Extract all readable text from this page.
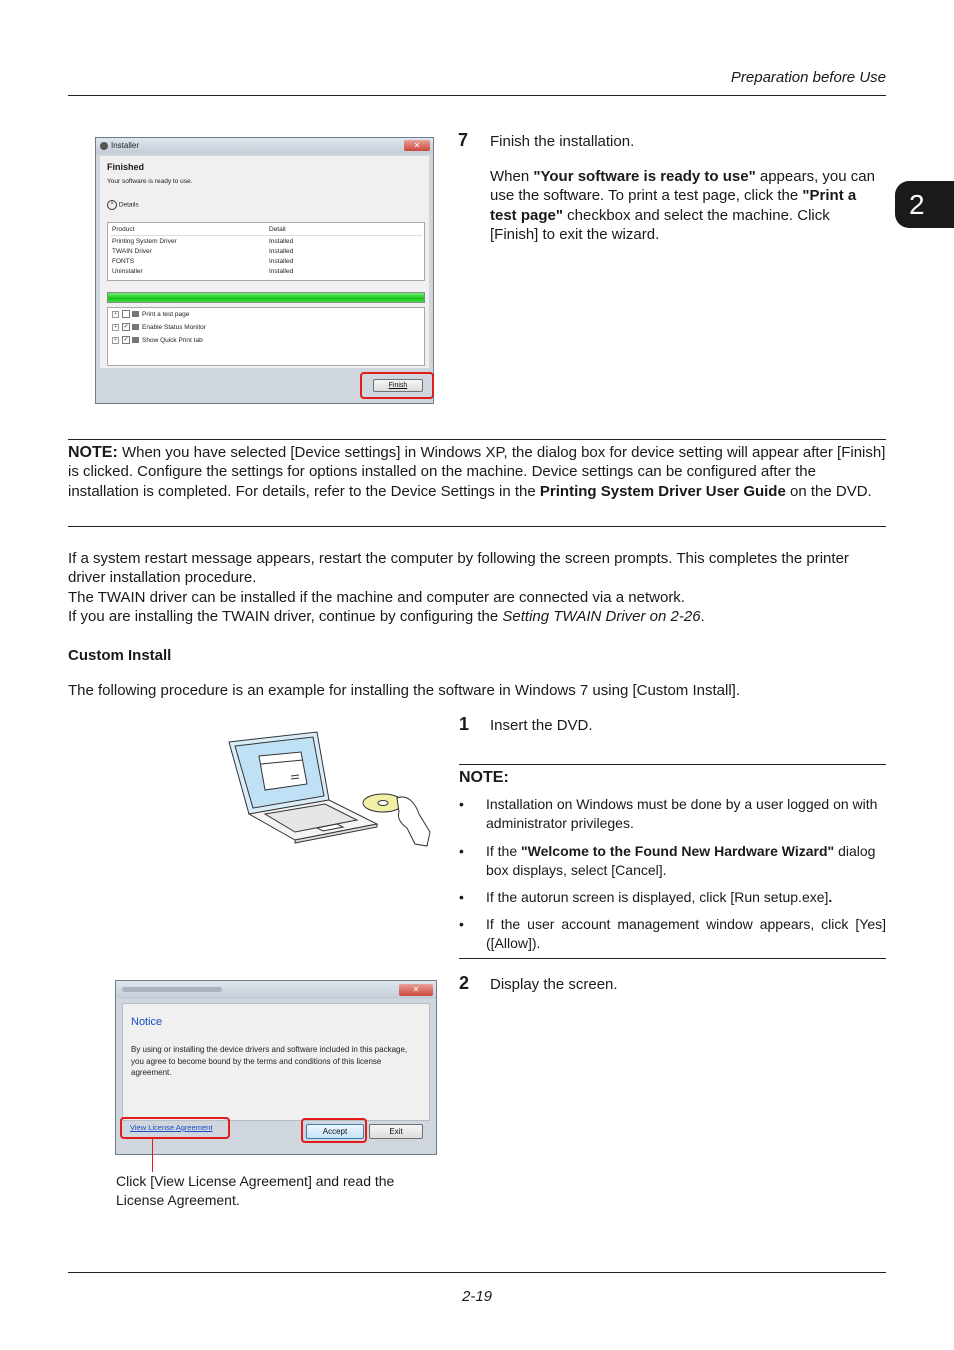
Preparation before Use
2
Installer	✕
Finished
Your software is ready to use.
^ Details
Product	Detail
Printing System Driver	Installed
TWAIN Driver	Installed
FONTS	Installed
Uninstaller	Installed
+	Print a test page
+ ✓ Enable Status Monitor
+ ✓ Show Quick Print tab
Finish
7 Finish the installation.
When "Your software is ready to use" appears, you can use the software. To print a test page, click the "Print a test page" checkbox and select the machine. Click [Finish] to exit the wizard.
NOTE: When you have selected [Device settings] in Windows XP, the dialog box for device setting will appear after [Finish] is clicked. Configure the settings for options installed on the machine. Device settings can be configured after the installation is completed. For details, refer to the Device Settings in the Printing System Driver User Guide on the DVD.
If a system restart message appears, restart the computer by following the screen prompts. This completes the printer driver installation procedure.
The TWAIN driver can be installed if the machine and computer are connected via a network.
If you are installing the TWAIN driver, continue by configuring the Setting TWAIN Driver on 2-26.
Custom Install
The following procedure is an example for installing the software in Windows 7 using [Custom Install].
1 Insert the DVD.
NOTE:
• Installation on Windows must be done by a user logged on with administrator privileges.
• If the "Welcome to the Found New Hardware Wizard" dialog box displays, select [Cancel].
• If the autorun screen is displayed, click [Run setup.exe].
• If the user account management window appears, click [Yes] ([Allow]).
2 Display the screen.
✕
Notice
By using or installing the device drivers and software included in this package, you agree to become bound by the terms and conditions of this license agreement.
View License Agreement	Accept	Exit
Click [View License Agreement] and read the License Agreement.
2-19
